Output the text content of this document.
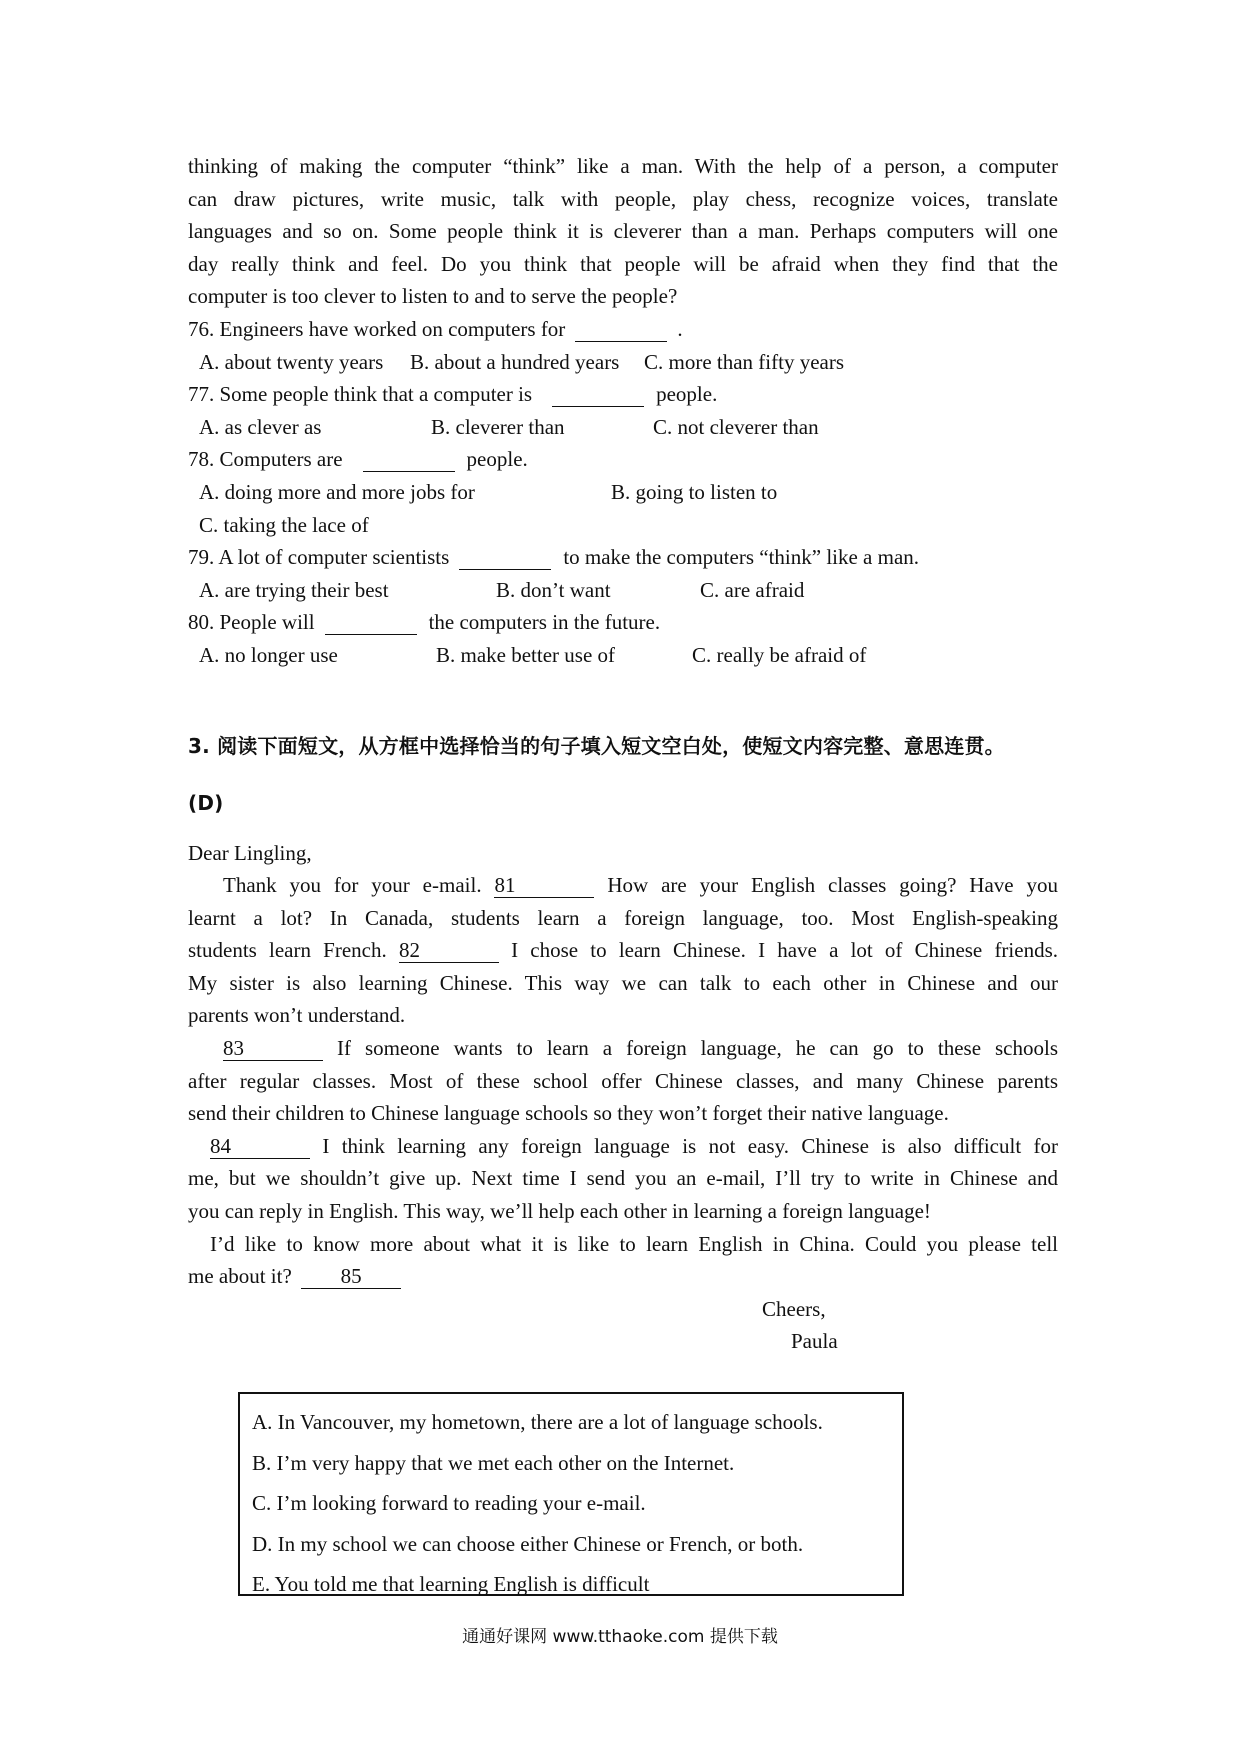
thinking of making the computer “think” like a man. With the help of a person, a computer

can draw pictures, write music, talk with people, play chess, recognize voices, translate

languages and so on. Some people think it is cleverer than a man. Perhaps computers will one

day really think and feel. Do you think that people will be afraid when they find that the

computer is too clever to listen to and to serve the people?

76. Engineers have worked on computers for	.
A. about twenty years B. about a hundred years C. more than fifty years
77. Some people think that a computer is	people.
A. as clever as	B. cleverer than	C. not cleverer than
78. Computers are	people.
A. doing more and more jobs for	B. going to listen to
C. taking the lace of
79. A lot of computer scientists	to make the computers “think” like a man.
A. are trying their best	B. don’t want	C. are afraid
80. People will	the computers in the future.
A. no longer use	B. make better use of	C. really be afraid of
3. 阅读下面短文，从方框中选择恰当的句子填入短文空白处，使短文内容完整、意思连贯。
(D)

Dear Lingling,

Thank you for your e-mail. 81	How are your English classes going? Have you

learnt a lot? In Canada, students learn a foreign language, too. Most English-speaking

students learn French. 82	I chose to learn Chinese. I have a lot of Chinese friends.

My sister is also learning Chinese. This way we can talk to each other in Chinese and our

parents won’t understand.

83	If someone wants to learn a foreign language, he can go to these schools

after regular classes. Most of these school offer Chinese classes, and many Chinese parents

send their children to Chinese language schools so they won’t forget their native language.

84	I think learning any foreign language is not easy. Chinese is also difficult for

me, but we shouldn’t give up. Next time I send you an e-mail, I’ll try to write in Chinese and

you can reply in English. This way, we’ll help each other in learning a foreign language!

I’d like to know more about what it is like to learn English in China. Could you please tell

me about it? 85

Cheers,

Paula

A. In Vancouver, my hometown, there are a lot of language schools.
B. I’m very happy that we met each other on the Internet.
C. I’m looking forward to reading your e-mail.
D. In my school we can choose either Chinese or French, or both.
E. You told me that learning English is difficult
通通好课网 www.tthaoke.com 提供下载
